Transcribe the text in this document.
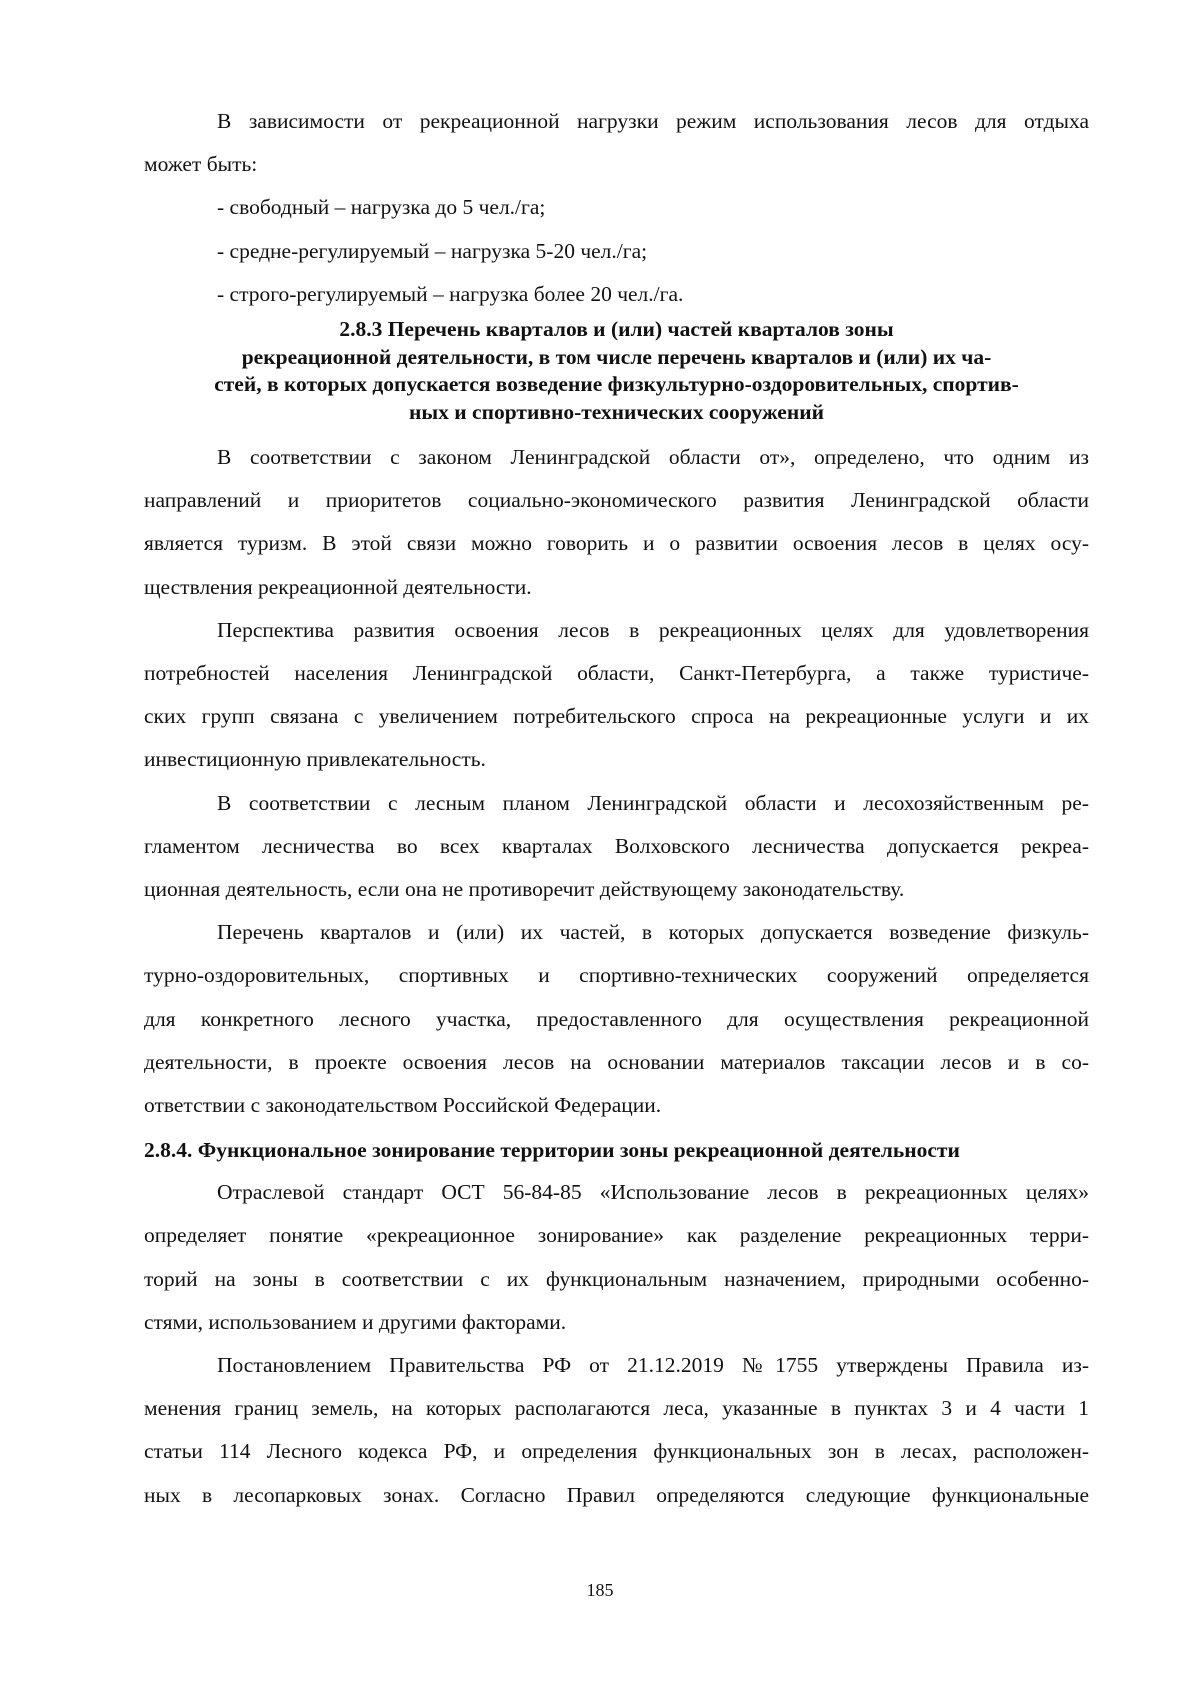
В зависимости от рекреационной нагрузки режим использования лесов для отдыха

может быть:

- свободный – нагрузка до 5 чел./га;

- средне-регулируемый – нагрузка 5-20 чел./га;

- строго-регулируемый – нагрузка более 20 чел./га.

2.8.3 Перечень кварталов и (или) частей кварталов зоны

рекреационной деятельности, в том числе перечень кварталов и (или) их ча-

стей, в которых допускается возведение физкультурно-оздоровительных, спортив-

ных и спортивно-технических сооружений

В соответствии с законом Ленинградской области от», определено, что одним из

направлений и приоритетов социально-экономического развития Ленинградской области

является туризм. В этой связи можно говорить и о развитии освоения лесов в целях осу-

ществления рекреационной деятельности.

Перспектива развития освоения лесов в рекреационных целях для удовлетворения

потребностей населения Ленинградской области, Санкт-Петербурга, а также туристиче-

ских групп связана с увеличением потребительского спроса на рекреационные услуги и их

инвестиционную привлекательность.

В соответствии с лесным планом Ленинградской области и лесохозяйственным ре-

гламентом лесничества во всех кварталах Волховского лесничества допускается рекреа-

ционная деятельность, если она не противоречит действующему законодательству.

Перечень кварталов и (или) их частей, в которых допускается возведение физкуль-

турно-оздоровительных, спортивных и спортивно-технических сооружений определяется

для конкретного лесного участка, предоставленного для осуществления рекреационной

деятельности, в проекте освоения лесов на основании материалов таксации лесов и в со-

ответствии с законодательством Российской Федерации.

2.8.4. Функциональное зонирование территории зоны рекреационной деятельности

Отраслевой стандарт ОСТ 56-84-85 «Использование лесов в рекреационных целях»

определяет понятие «рекреационное зонирование» как разделение рекреационных терри-

торий на зоны в соответствии с их функциональным назначением, природными особенно-

стями, использованием и другими факторами.

Постановлением Правительства РФ от 21.12.2019 №1755 утверждены Правила из-

менения границ земель, на которых располагаются леса, указанные в пунктах 3 и 4 части 1

статьи 114 Лесного кодекса РФ, и определения функциональных зон в лесах, расположен-

ных в лесопарковых зонах. Согласно Правил определяются следующие функциональные

185
